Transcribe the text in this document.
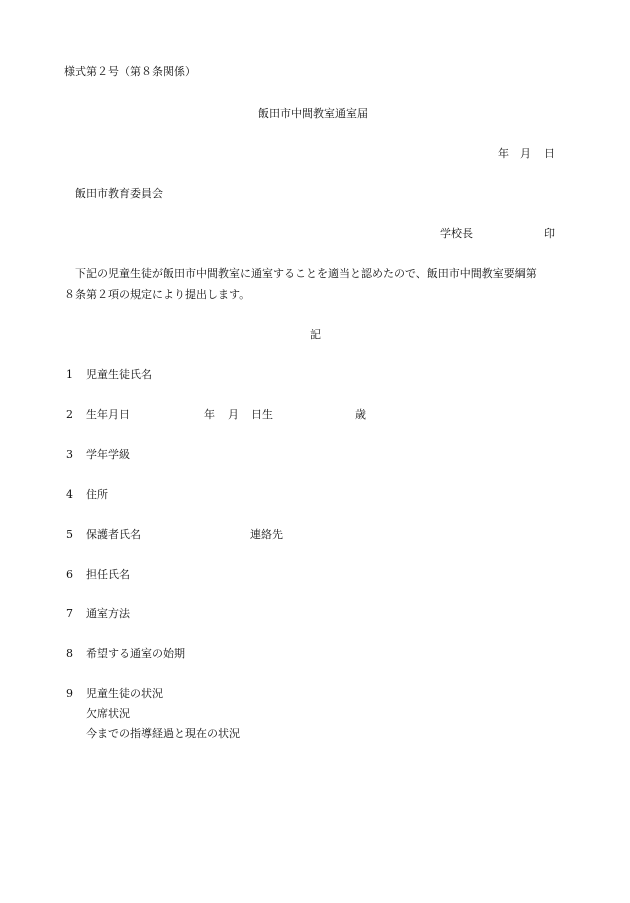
様式第２号（第８条関係）
飯田市中間教室通室届
年 月 日
飯田市教育委員会
学校長	印
下記の児童生徒が飯田市中間教室に通室することを適当と認めたので、飯田市中間教室要綱第
８条第２項の規定により提出します。
記
1 児童生徒氏名
2 生年月日	年 月 日生	歳
3 学年学級
4 住所
5 保護者氏名	連絡先
6 担任氏名
7 通室方法
8 希望する通室の始期
9 児童生徒の状況
欠席状況
今までの指導経過と現在の状況
